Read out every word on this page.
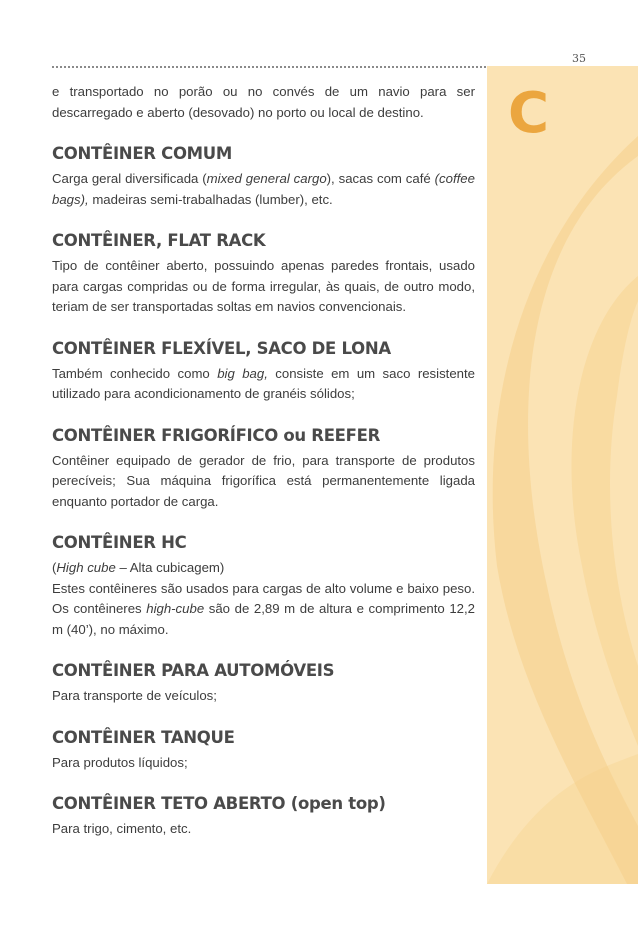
35
C

e transportado no porão ou no convés de um navio para ser descarregado e aberto (desovado) no porto ou local de destino.

CONTÊINER COMUM

Carga geral diversificada (mixed general cargo), sacas com café (coffee bags), madeiras semi-trabalhadas (lumber), etc.

CONTÊINER, FLAT RACK

Tipo de contêiner aberto, possuindo apenas paredes frontais, usado para cargas compridas ou de forma irregular, às quais, de outro modo, teriam de ser transportadas soltas em navios convencionais.

CONTÊINER FLEXÍVEL, SACO DE LONA

Também conhecido como big bag, consiste em um saco resistente utilizado para acondicionamento de granéis sólidos;

CONTÊINER FRIGORÍFICO ou REEFER

Contêiner equipado de gerador de frio, para transporte de produtos perecíveis; Sua máquina frigorífica está permanentemente ligada enquanto portador de carga.

CONTÊINER HC

(High cube – Alta cubicagem)

Estes contêineres são usados para cargas de alto volume e baixo peso. Os contêineres high-cube são de 2,89 m de altura e comprimento 12,2 m (40’), no máximo.

CONTÊINER PARA AUTOMÓVEIS

Para transporte de veículos;

CONTÊINER TANQUE

Para produtos líquidos;

CONTÊINER TETO ABERTO (open top)

Para trigo, cimento, etc.
